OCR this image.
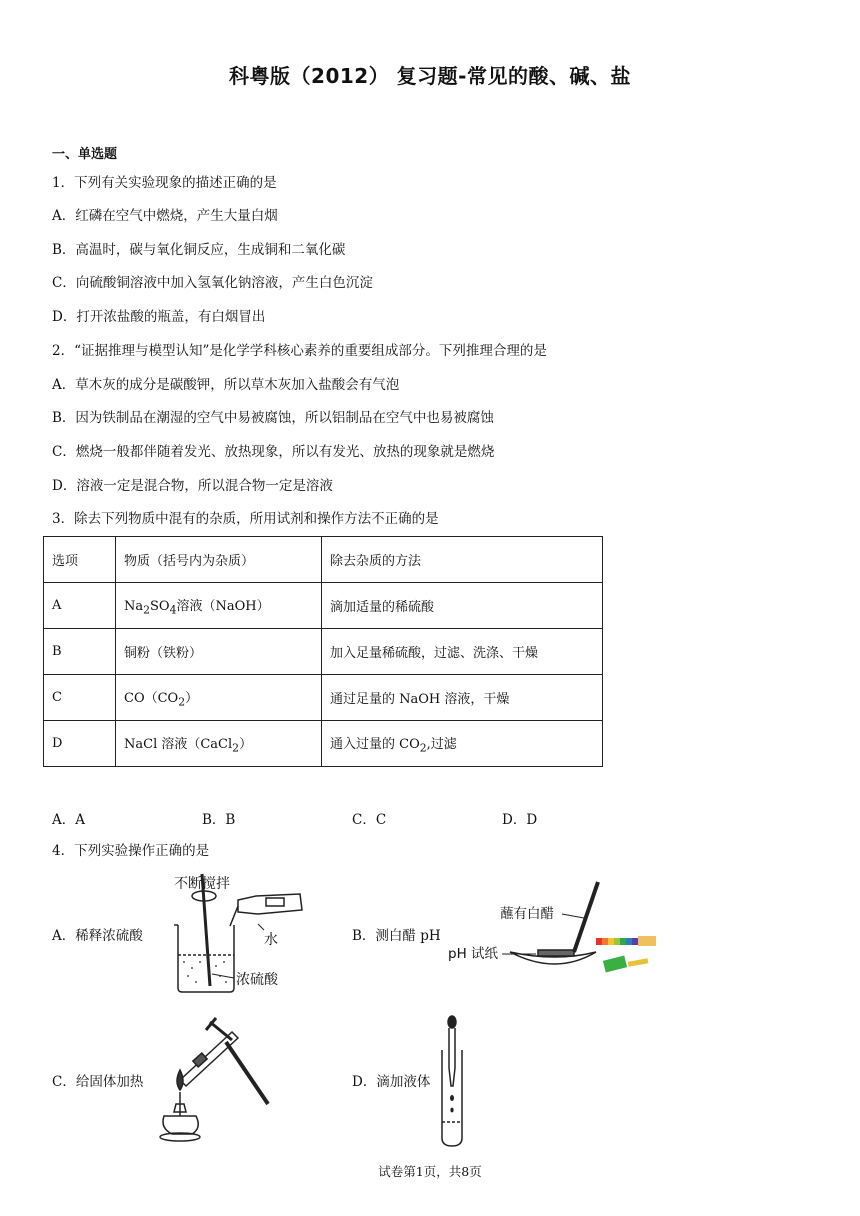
科粤版（2012） 复习题-常见的酸、碱、盐
一、单选题
1．下列有关实验现象的描述正确的是
A．红磷在空气中燃烧，产生大量白烟
B．高温时，碳与氧化铜反应，生成铜和二氧化碳
C．向硫酸铜溶液中加入氢氧化钠溶液，产生白色沉淀
D．打开浓盐酸的瓶盖，有白烟冒出
2．“证据推理与模型认知”是化学学科核心素养的重要组成部分。下列推理合理的是
A．草木灰的成分是碳酸钾，所以草木灰加入盐酸会有气泡
B．因为铁制品在潮湿的空气中易被腐蚀，所以铝制品在空气中也易被腐蚀
C．燃烧一般都伴随着发光、放热现象，所以有发光、放热的现象就是燃烧
D．溶液一定是混合物，所以混合物一定是溶液
3．除去下列物质中混有的杂质，所用试剂和操作方法不正确的是
选项	物质（括号内为杂质）	除去杂质的方法
A	$Na_2SO_4$溶液（NaOH）	滴加适量的稀硫酸
B	铜粉（铁粉）	加入足量稀硫酸，过滤、洗涤、干燥
C	$CO(CO_2)$	通过足量的 NaOH 溶液，干燥
D	NaCl 溶液（CaCl$_2$）	通入过量的 $CO_2$,过滤
A．A	B．B	C．C	D．D
4．下列实验操作正确的是
A．稀释浓硫酸	B．测白醋 pH
C．给固体加热	D．滴加液体
不断搅拌
水
浓硫酸
蘸有白醋
pH 试纸
试卷第1页，共8页
